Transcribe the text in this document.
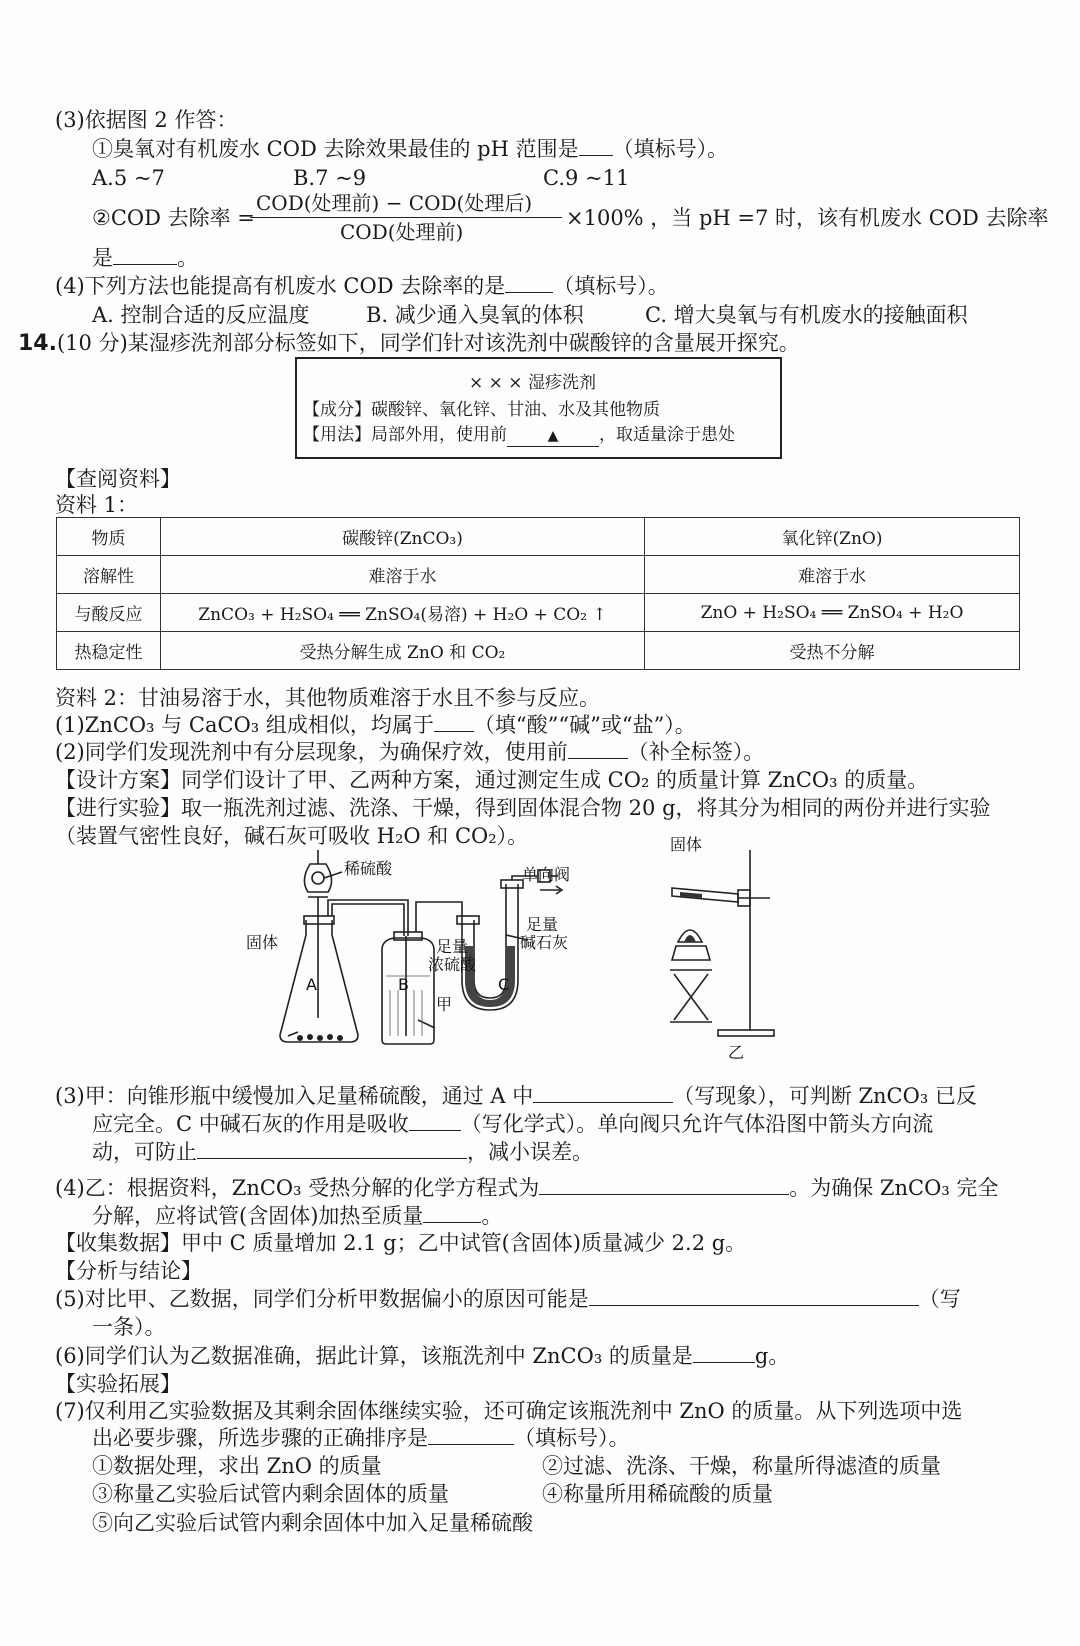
(3)依据图 2 作答：
①臭氧对有机废水 COD 去除效果最佳的 pH 范围是 （填标号）。
A.5 ~7	B.7 ~9	C.9 ~11
②COD 去除率 =
COD(处理前) − COD(处理后)
COD(处理前)
×100% ，当 pH =7 时，该有机废水 COD 去除率
是	。
(4)下列方法也能提高有机废水 COD 去除率的是 （填标号）。
A. 控制合适的反应温度	B. 减少通入臭氧的体积	C. 增大臭氧与有机废水的接触面积
14.(10 分)某湿疹洗剂部分标签如下，同学们针对该洗剂中碳酸锌的含量展开探究。
× × × 湿疹洗剂
【成分】碳酸锌、氧化锌、甘油、水及其他物质
【用法】局部外用，使用前	▲ ，取适量涂于患处
【查阅资料】
资料 1：
物质	碳酸锌(ZnCO₃)	氧化锌(ZnO)
溶解性	难溶于水	难溶于水
与酸反应	ZnCO₃ + H₂SO₄ ══ ZnSO₄(易溶) + H₂O + CO₂ ↑	ZnO + H₂SO₄ ══ ZnSO₄ + H₂O
热稳定性	受热分解生成 ZnO 和 CO₂	受热不分解
资料 2：甘油易溶于水，其他物质难溶于水且不参与反应。
(1)ZnCO₃ 与 CaCO₃ 组成相似，均属于 （填“酸”“碱”或“盐”）。
(2)同学们发现洗剂中有分层现象，为确保疗效，使用前	（补全标签）。
【设计方案】同学们设计了甲、乙两种方案，通过测定生成 CO₂ 的质量计算 ZnCO₃ 的质量。
【进行实验】取一瓶洗剂过滤、洗涤、干燥，得到固体混合物 20 g，将其分为相同的两份并进行实验
（装置气密性良好，碱石灰可吸收 H₂O 和 CO₂）。
稀硫酸
固体
单向阀
足量
浓硫酸
足量
碱石灰
A	B	C
甲
固体
乙
(3)甲：向锥形瓶中缓慢加入足量稀硫酸，通过 A 中	（写现象），可判断 ZnCO₃ 已反
应完全。C 中碱石灰的作用是吸收 （写化学式）。单向阀只允许气体沿图中箭头方向流
动，可防止	，减小误差。
(4)乙：根据资料，ZnCO₃ 受热分解的化学方程式为	。为确保 ZnCO₃ 完全
分解，应将试管(含固体)加热至质量	。
【收集数据】甲中 C 质量增加 2.1 g；乙中试管(含固体)质量减少 2.2 g。
【分析与结论】
(5)对比甲、乙数据，同学们分析甲数据偏小的原因可能是	（写
一条）。
(6)同学们认为乙数据准确，据此计算，该瓶洗剂中 ZnCO₃ 的质量是	g。
【实验拓展】
(7)仅利用乙实验数据及其剩余固体继续实验，还可确定该瓶洗剂中 ZnO 的质量。从下列选项中选
出必要步骤，所选步骤的正确排序是	（填标号）。
①数据处理，求出 ZnO 的质量	②过滤、洗涤、干燥，称量所得滤渣的质量
③称量乙实验后试管内剩余固体的质量	④称量所用稀硫酸的质量
⑤向乙实验后试管内剩余固体中加入足量稀硫酸
